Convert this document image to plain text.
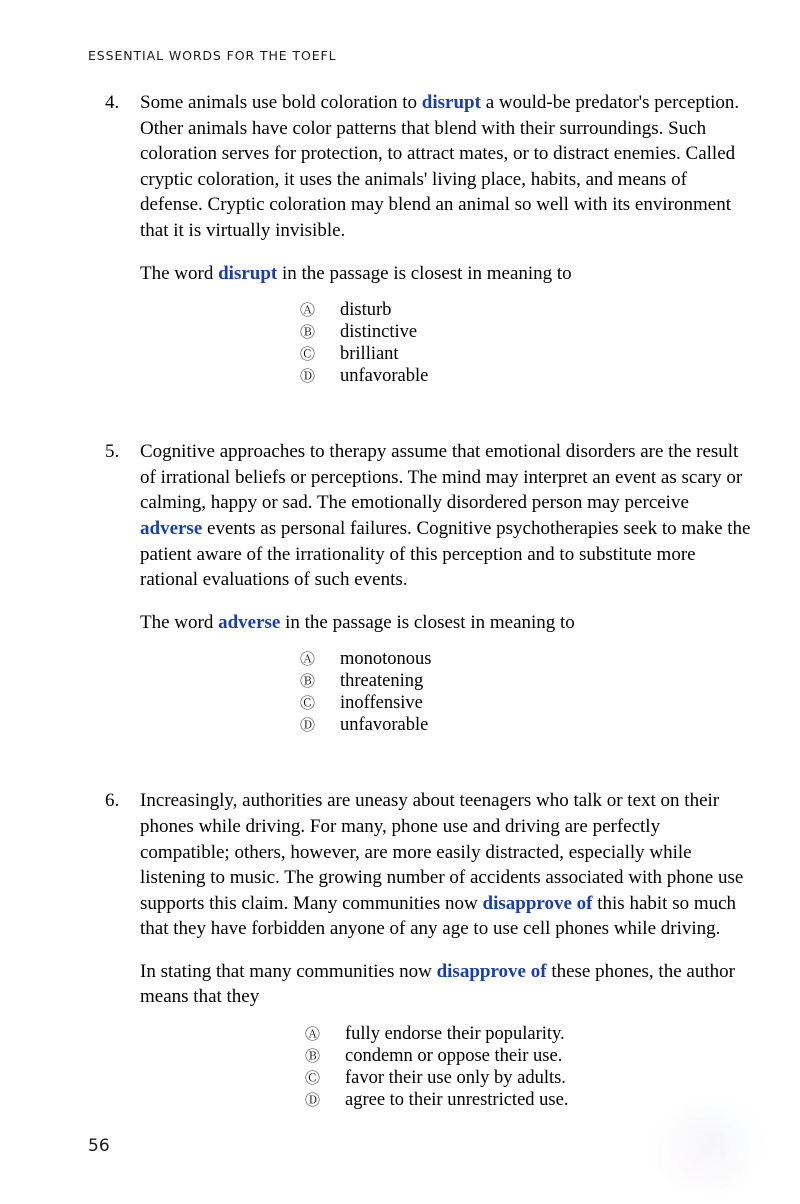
ESSENTIAL WORDS FOR THE TOEFL
4.	Some animals use bold coloration to disrupt a would-be predator's perception. Other animals have color patterns that blend with their surroundings. Such coloration serves for protection, to attract mates, or to distract enemies. Called cryptic coloration, it uses the animals' living place, habits, and means of defense. Cryptic coloration may blend an animal so well with its environment that it is virtually invisible.
The word disrupt in the passage is closest in meaning to
Ⓐ	disturb
Ⓑ	distinctive
Ⓒ	brilliant
Ⓓ	unfavorable
5.	Cognitive approaches to therapy assume that emotional disorders are the result of irrational beliefs or perceptions. The mind may interpret an event as scary or calming, happy or sad. The emotionally disordered person may perceive adverse events as personal failures. Cognitive psychotherapies seek to make the patient aware of the irrationality of this perception and to substitute more rational evaluations of such events.
The word adverse in the passage is closest in meaning to
Ⓐ	monotonous
Ⓑ	threatening
Ⓒ	inoffensive
Ⓓ	unfavorable
6.	Increasingly, authorities are uneasy about teenagers who talk or text on their phones while driving. For many, phone use and driving are perfectly compatible; others, however, are more easily distracted, especially while listening to music. The growing number of accidents associated with phone use supports this claim. Many communities now disapprove of this habit so much that they have forbidden anyone of any age to use cell phones while driving.
In stating that many communities now disapprove of these phones, the author means that they
Ⓐ	fully endorse their popularity.
Ⓑ	condemn or oppose their use.
Ⓒ	favor their use only by adults.
Ⓓ	agree to their unrestricted use.
56
